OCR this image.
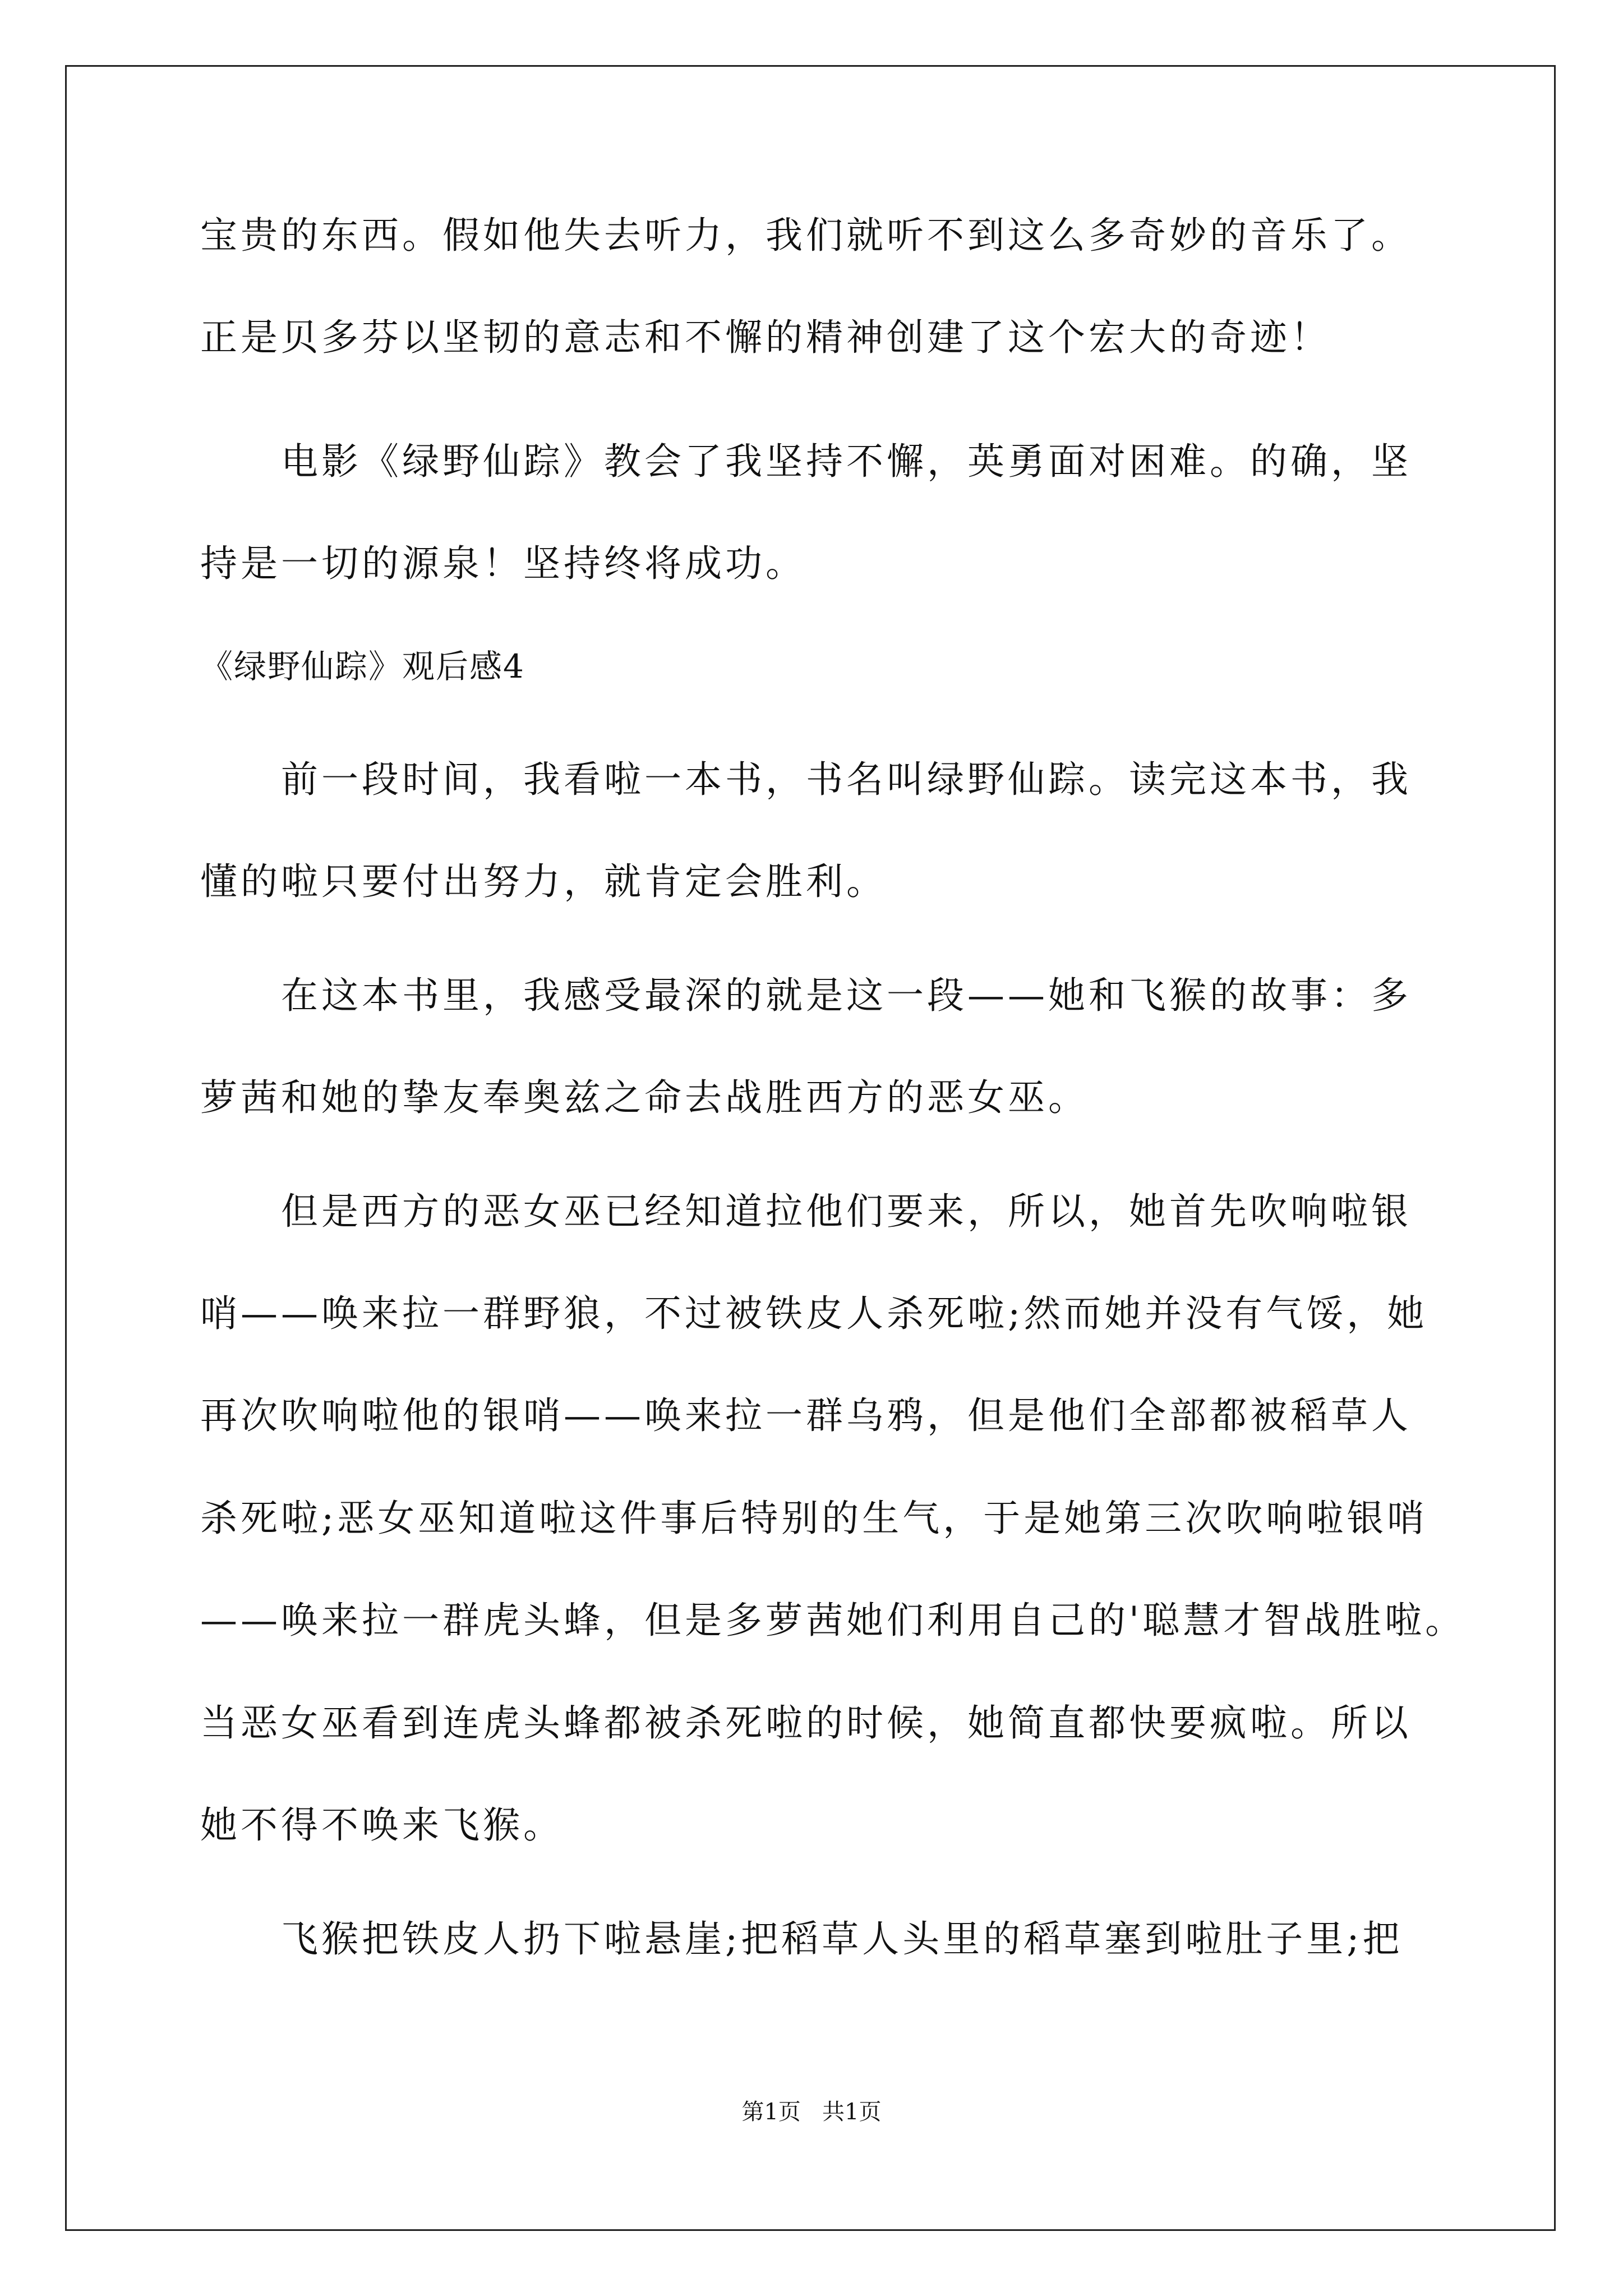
宝贵的东西。假如他失去听力，我们就听不到这么多奇妙的音乐了。
正是贝多芬以坚韧的意志和不懈的精神创建了这个宏大的奇迹！
电影《绿野仙踪》教会了我坚持不懈，英勇面对困难。的确，坚
持是一切的源泉！坚持终将成功。
《绿野仙踪》观后感4
前一段时间，我看啦一本书，书名叫绿野仙踪。读完这本书，我
懂的啦只要付出努力，就肯定会胜利。
在这本书里，我感受最深的就是这一段——她和飞猴的故事：多
萝茜和她的挚友奉奥兹之命去战胜西方的恶女巫。
但是西方的恶女巫已经知道拉他们要来，所以，她首先吹响啦银
哨——唤来拉一群野狼，不过被铁皮人杀死啦;然而她并没有气馁，她
再次吹响啦他的银哨——唤来拉一群乌鸦，但是他们全部都被稻草人
杀死啦;恶女巫知道啦这件事后特别的生气，于是她第三次吹响啦银哨
——唤来拉一群虎头蜂，但是多萝茜她们利用自己的'聪慧才智战胜啦。
当恶女巫看到连虎头蜂都被杀死啦的时候，她简直都快要疯啦。所以
她不得不唤来飞猴。
飞猴把铁皮人扔下啦悬崖;把稻草人头里的稻草塞到啦肚子里;把
第1页   共1页
